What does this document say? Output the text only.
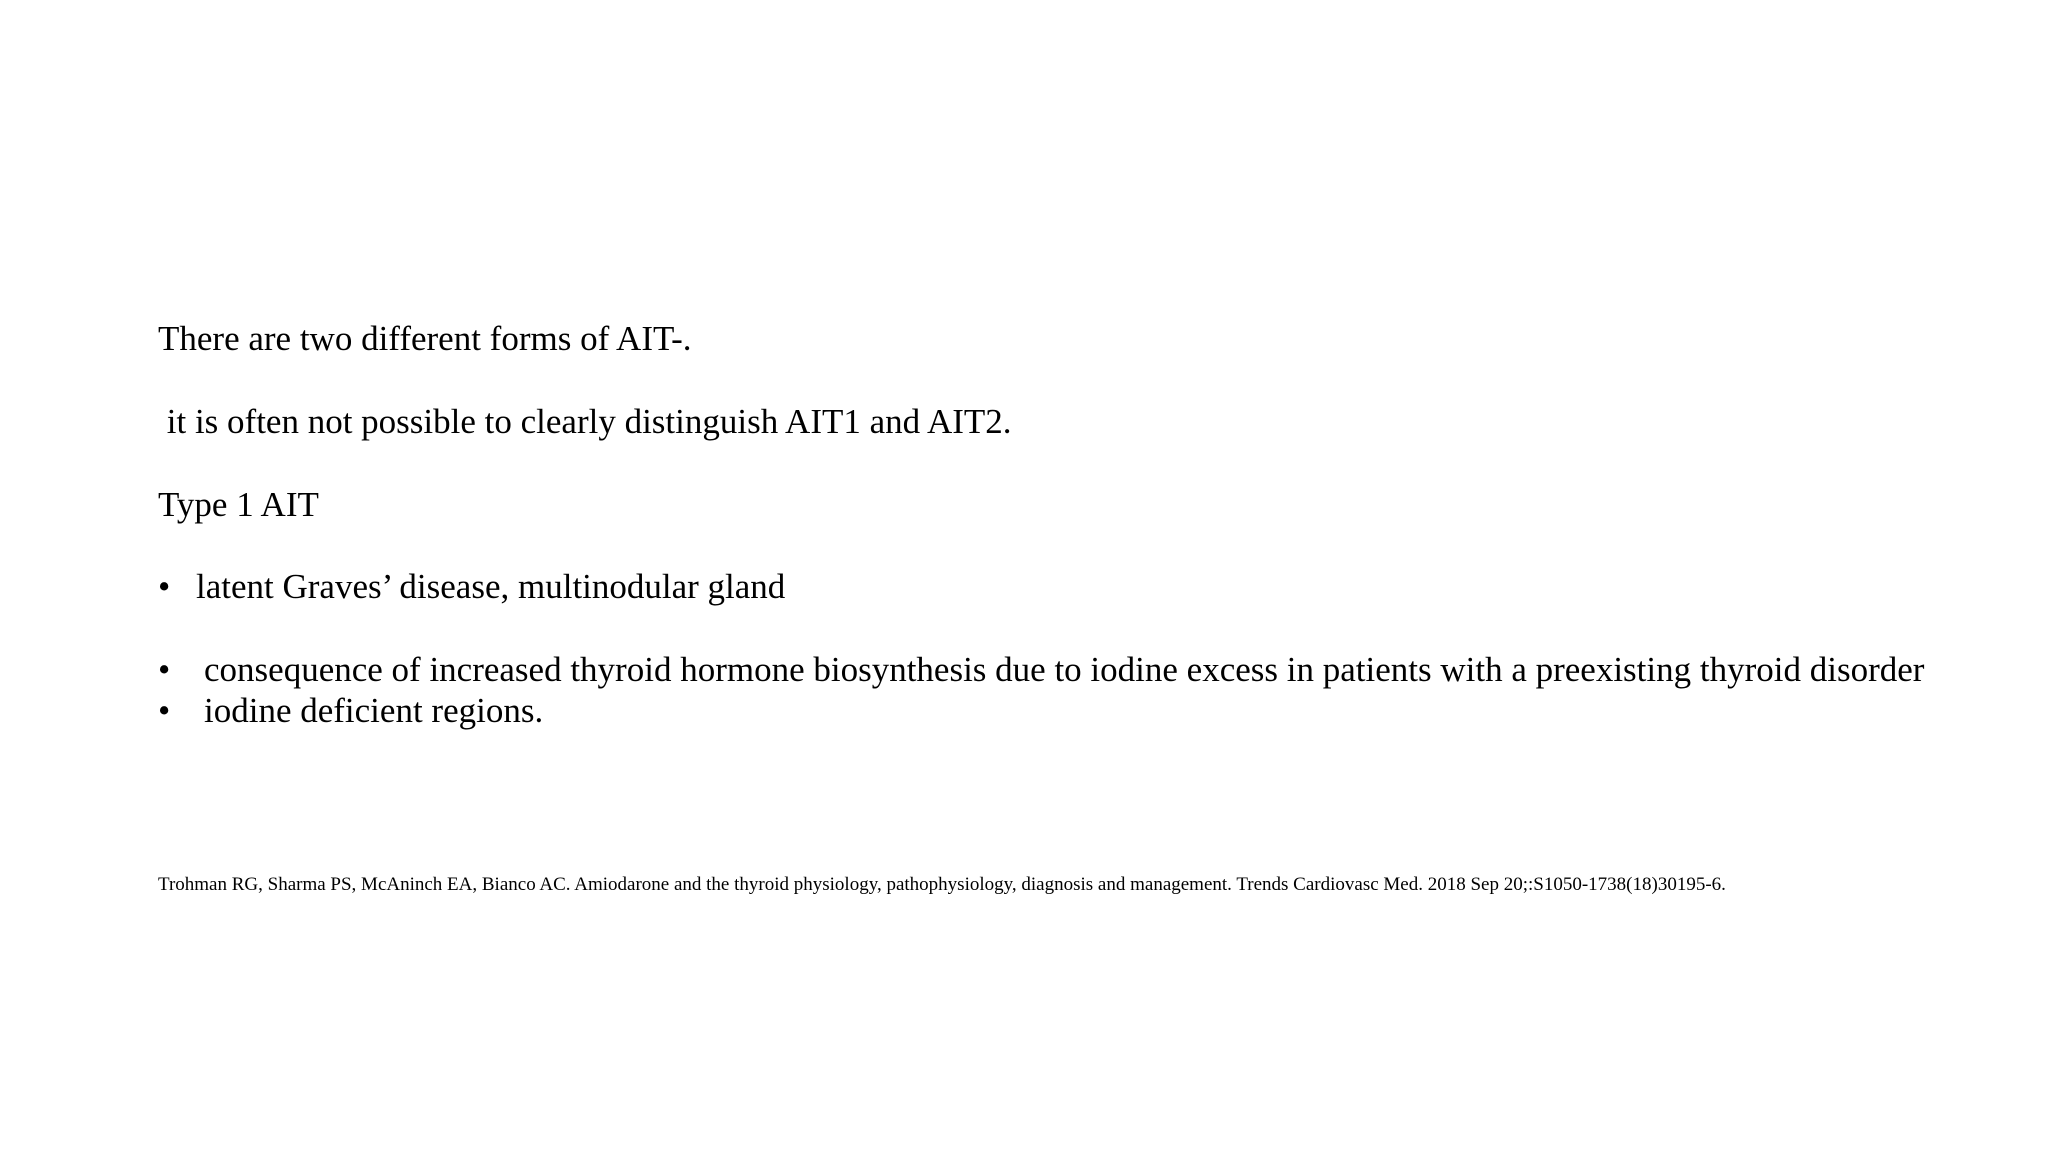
There are two different forms of AIT-.
it is often not possible to clearly distinguish AIT1 and AIT2.
Type 1 AIT
• latent Graves’ disease, multinodular gland
• consequence of increased thyroid hormone biosynthesis due to iodine excess in patients with a preexisting thyroid disorder
• iodine deficient regions.
Trohman RG, Sharma PS, McAninch EA, Bianco AC. Amiodarone and the thyroid physiology, pathophysiology, diagnosis and management. Trends Cardiovasc Med. 2018 Sep 20;:S1050-1738(18)30195-6.
